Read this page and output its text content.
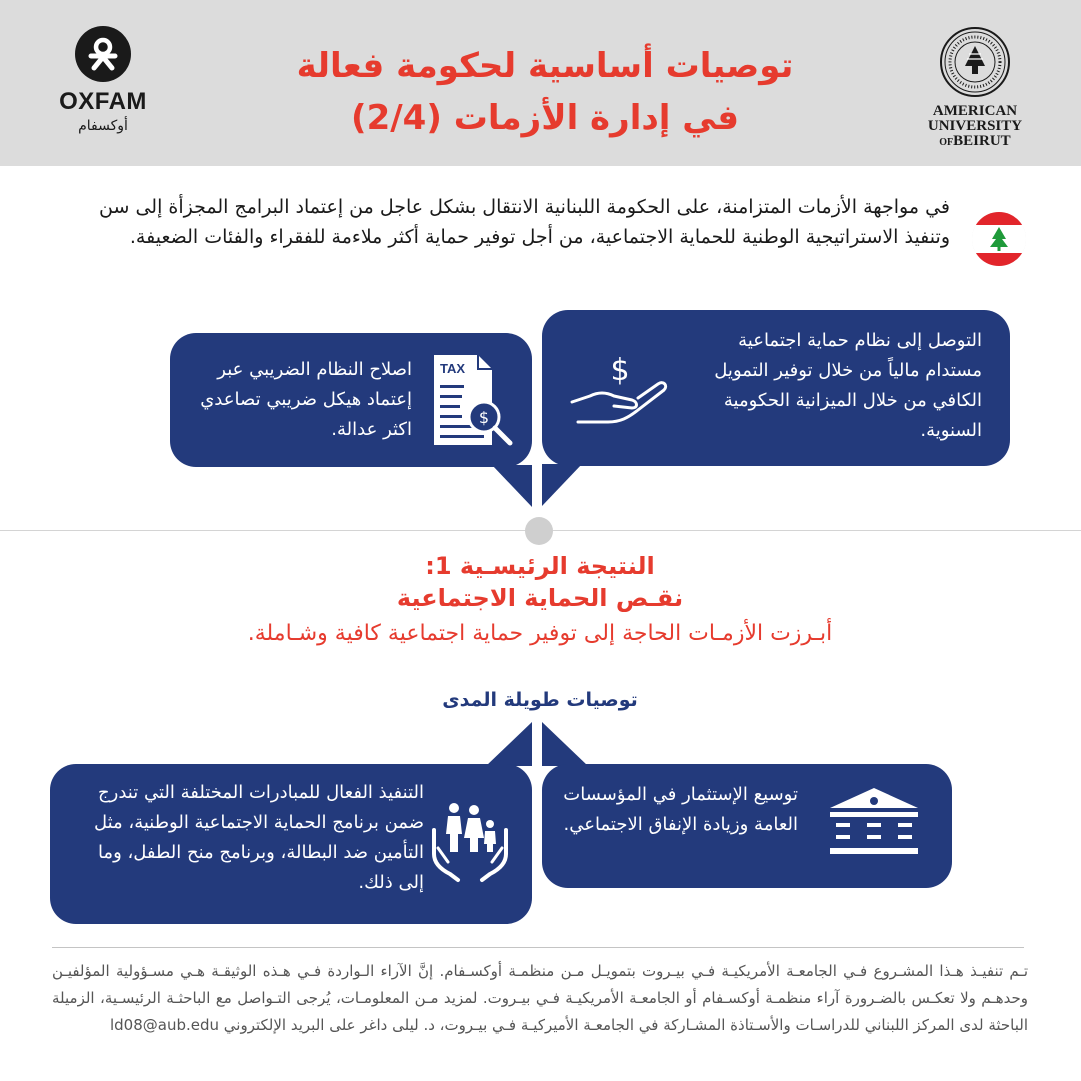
OXFAM
أوكسفام
توصيات أساسية لحكومة فعالة
في إدارة الأزمات (2/4)	AMERICAN
UNIVERSITY
OFBEIRUT
في مواجهة الأزمات المتزامنة، على الحكومة اللبنانية الانتقال بشكل عاجل من إعتماد البرامج المجزأة إلى سن وتنفيذ الاستراتيجية الوطنية للحماية الاجتماعية، من أجل توفير حماية أكثر ملاءمة للفقراء والفئات الضعيفة.
$
التوصل إلى نظام حماية اجتماعية مستدام مالياً من خلال توفير التمويل الكافي من خلال الميزانية الحكومية السنوية.
TAX
$
اصلاح النظام الضريبي عبر إعتماد هيكل ضريبي تصاعدي اكثر عدالة.
النتيجة الرئيسـية 1:
نقـص الحماية الاجتماعية
أبـرزت الأزمـات الحاجة إلى توفير حماية اجتماعية كافية وشـاملة.
توصيات طويلة المدى
توسيع الإستثمار في المؤسسات العامة وزيادة الإنفاق الاجتماعي.
التنفيذ الفعال للمبادرات المختلفة التي تندرج ضمن برنامج الحماية الاجتماعية الوطنية، مثل التأمين ضد البطالة، وبرنامج منح الطفل، وما إلى ذلك.
تـم تنفيـذ هـذا المشـروع فـي الجامعـة الأمريكيـة فـي بيـروت بتمويـل مـن منظمـة أوكسـفام. إنَّ الآراء الـواردة فـي هـذه الوثيقـة هـي مسـؤولية المؤلفيـن وحدهـم ولا تعكـس بالضـرورة آراء منظمـة أوكسـفام أو الجامعـة الأمريكيـة فـي بيـروت. لمزيد مـن المعلومـات، يُرجى التـواصل مع الباحثـة الرئيسـية، الزميلة الباحثة لدى المركز اللبناني للدراسـات والأسـتاذة المشـاركة في الجامعـة الأميركيـة فـي بيـروت، د. ليلى داغر على البريد الإلكتروني ld08@aub.edu
